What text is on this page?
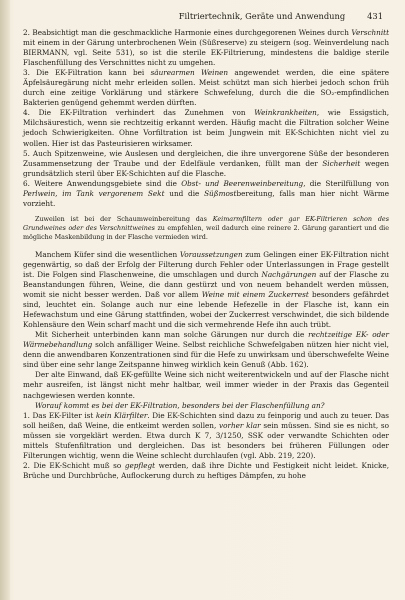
Filtriertechnik, Geräte und Anwendung	431

2. Beabsichtigt man die geschmackliche Harmonie eines durchgegorenen Weines durch Verschnitt mit einem in der Gärung unterbrochenen Wein (Süßreserve) zu steigern (sog. Weinverdelung nach BIERMANN, vgl. Seite 531), so ist die sterile EK-Filtrierung, mindestens die baldige sterile Flaschenfüllung des Verschnittes nicht zu umgehen.

3. Die EK-Filtration kann bei säurearmen Weinen angewendet werden, die eine spätere Äpfelsäuregärung nicht mehr erleiden sollen. Meist schützt man sich hierbei jedoch schon früh durch eine zeitige Vorklärung und stärkere Schwefelung, durch die die SO₂-empfindlichen Bakterien genügend gehemmt werden dürften.

4. Die EK-Filtration verhindert das Zunehmen von Weinkrankheiten, wie Essigstich, Milchsäurestich, wenn sie rechtzeitig erkannt werden. Häufig macht die Filtration solcher Weine jedoch Schwierigkeiten. Ohne Vorfiltration ist beim Jungwein mit EK-Schichten nicht viel zu wollen. Hier ist das Pasteurisieren wirksamer.

5. Auch Spitzenweine, wie Auslesen und dergleichen, die ihre unvergorene Süße der besonderen Zusammensetzung der Traube und der Edelfäule verdanken, füllt man der Sicherheit wegen grundsätzlich steril über EK-Schichten auf die Flasche.

6. Weitere Anwendungsgebiete sind die Obst- und Beerenweinbereitung, die Sterilfüllung von Perlwein, im Tank vergorenem Sekt und die Süßmostbereitung, falls man hier nicht Wärme vorzieht.

Zuweilen ist bei der Schaumweinbereitung das Keimarmfiltern oder gar EK-Filtrieren schon des Grundweines oder des Verschnittweines zu empfehlen, weil dadurch eine reinere 2. Gärung garantiert und die mögliche Maskenbildung in der Flasche vermieden wird.

Manchem Küfer sind die wesentlichen Voraussetzungen zum Gelingen einer EK-Filtration nicht gegenwärtig, so daß der Erfolg der Filterung durch Fehler oder Unterlassungen in Frage gestellt ist. Die Folgen sind Flaschenweine, die umschlagen und durch Nachgärungen auf der Flasche zu Beanstandungen führen, Weine, die dann gestürzt und von neuem behandelt werden müssen, womit sie nicht besser werden. Daß vor allem Weine mit einem Zuckerrest besonders gefährdet sind, leuchtet ein. Solange auch nur eine lebende Hefezelle in der Flasche ist, kann ein Hefewachstum und eine Gärung stattfinden, wobei der Zuckerrest verschwindet, die sich bildende Kohlensäure den Wein scharf macht und die sich vermehrende Hefe ihn auch trübt.

Mit Sicherheit unterbinden kann man solche Gärungen nur durch die rechtzeitige EK- oder Wärmebehandlung solch anfälliger Weine. Selbst reichliche Schwefelgaben nützen hier nicht viel, denn die anwendbaren Konzentrationen sind für die Hefe zu unwirksam und überschwefelte Weine sind über eine sehr lange Zeitspanne hinweg wirklich kein Genuß (Abb. 162).

Der alte Einwand, daß EK-gefüllte Weine sich nicht weiterentwickeln und auf der Flasche nicht mehr ausreifen, ist längst nicht mehr haltbar, weil immer wieder in der Praxis das Gegenteil nachgewiesen werden konnte.

Worauf kommt es bei der EK-Filtration, besonders bei der Flaschenfüllung an?

1. Das EK-Filter ist kein Klärfilter. Die EK-Schichten sind dazu zu feinporig und auch zu teuer. Das soll heißen, daß Weine, die entkeimt werden sollen, vorher klar sein müssen. Sind sie es nicht, so müssen sie vorgeklärt werden. Etwa durch K 7, 3/1250, SSK oder verwandte Schichten oder mittels Stufenfiltration und dergleichen. Das ist besonders bei früheren Füllungen oder Filterungen wichtig, wenn die Weine schlecht durchlaufen (vgl. Abb. 219, 220).

2. Die EK-Schicht muß so gepflegt werden, daß ihre Dichte und Festigkeit nicht leidet. Knicke, Brüche und Durchbrüche, Auflockerung durch zu heftiges Dämpfen, zu hohe
